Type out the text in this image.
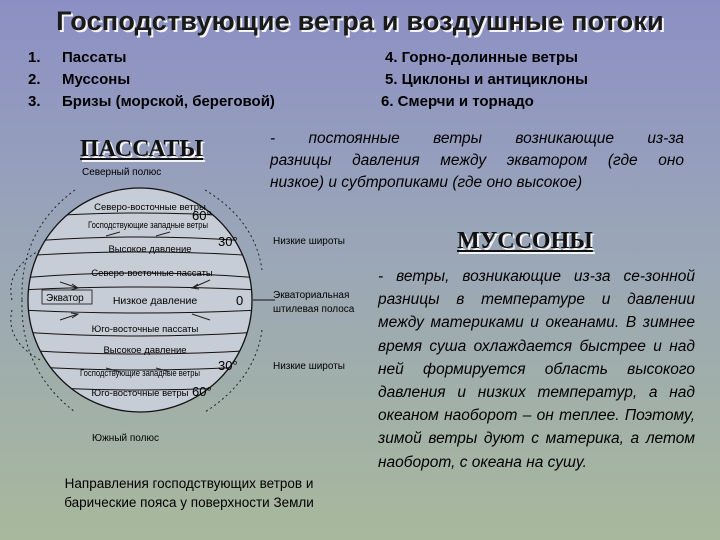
Господствующие ветра и воздушные потоки
1.	Пассаты
2.	Муссоны
3.	Бризы (морской, береговой)
4. Горно-долинные ветры
5. Циклоны и антициклоны
6. Смерчи и торнадо
ПАССАТЫ	- постоянные ветры возникающие из-за
разницы давления между экватором (где оно
низкое) и субтропиками (где оно высокое)
МУССОНЫ
- ветры, возникающие из-за се-зонной разницы в температуре и давлении между материками и океанами. В зимнее время суша охлаждается быстрее и над ней формируется область высокого давления и низких температур, а над океаном наоборот – он теплее. Поэтому, зимой ветры дуют с материка, а летом наоборот, с океана на сушу.
Экватор
Северный полюс
Южный полюс
Северо-восточные ветры
Господствующие западные ветры
Высокое давление
Северо-восточные пассаты
Низкое давление
Юго-восточные пассаты
Высокое давление
Господствующие западные ветры
Юго-восточные ветры
60°
30°
0
30°
60°
Низкие широты
Экваториальная
штилевая полоса
Низкие широты
Направления господствующих ветров и
барические пояса у поверхности Земли
